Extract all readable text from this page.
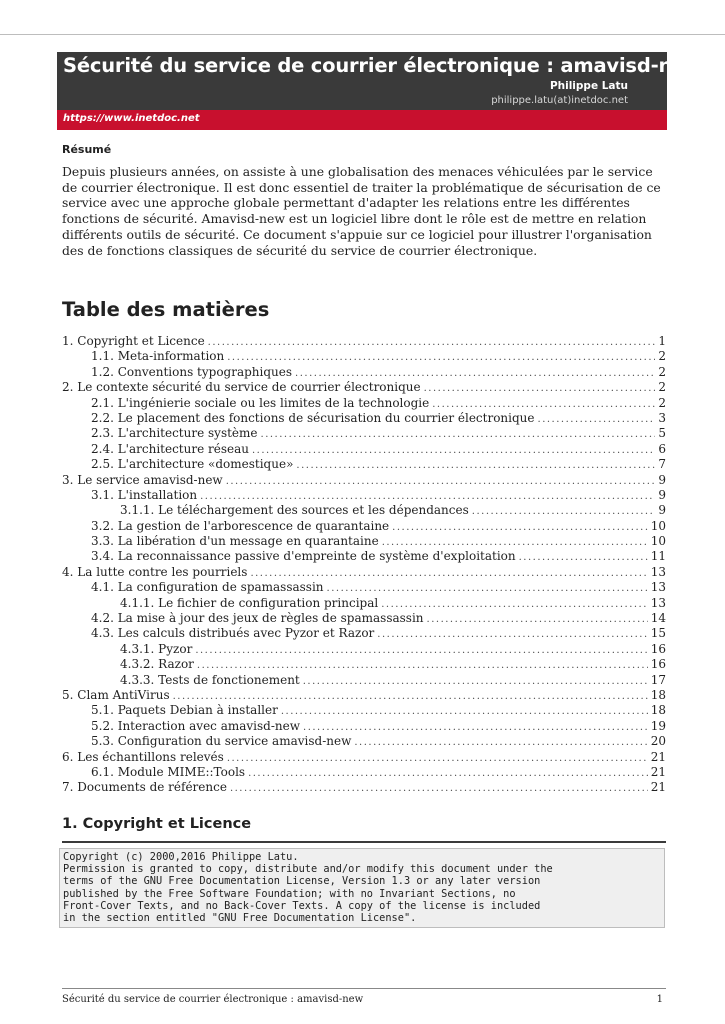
Sécurité du service de courrier électronique : amavisd-new
Philippe Latu
philippe.latu(at)inetdoc.net
https://www.inetdoc.net
Résumé

Depuis plusieurs années, on assiste à une globalisation des menaces véhiculées par le service de courrier électronique. Il est donc essentiel de traiter la problématique de sécurisation de ce service avec une approche globale permettant d'adapter les relations entre les différentes fonctions de sécurité. Amavisd-new est un logiciel libre dont le rôle est de mettre en relation différents outils de sécurité. Ce document s'appuie sur ce logiciel pour illustrer l'organisation des de fonctions classiques de sécurité du service de courrier électronique.

Table des matières
1. Copyright et Licence .....	1
1.1. Meta-information .....	2
1.2. Conventions typographiques .....	2
2. Le contexte sécurité du service de courrier électronique .....	2
2.1. L'ingénierie sociale ou les limites de la technologie .....	2
2.2. Le placement des fonctions de sécurisation du courrier électronique .....	3
2.3. L'architecture système .....	5
2.4. L'architecture réseau .....	6
2.5. L'architecture «domestique» .....	7
3. Le service amavisd-new .....	9
3.1. L'installation .....	9
3.1.1. Le téléchargement des sources et les dépendances .....	9
3.2. La gestion de l'arborescence de quarantaine .....	10
3.3. La libération d'un message en quarantaine .....	10
3.4. La reconnaissance passive d'empreinte de système d'exploitation .....	11
4. La lutte contre les pourriels .....	13
4.1. La configuration de spamassassin .....	13
4.1.1. Le fichier de configuration principal .....	13
4.2. La mise à jour des jeux de règles de spamassassin .....	14
4.3. Les calculs distribués avec Pyzor et Razor .....	15
4.3.1. Pyzor .....	16
4.3.2. Razor .....	16
4.3.3. Tests de fonctionement .....	17
5. Clam AntiVirus .....	18
5.1. Paquets Debian à installer .....	18
5.2. Interaction avec amavisd-new .....	19
5.3. Configuration du service amavisd-new .....	20
6. Les échantillons relevés .....	21
6.1. Module MIME::Tools .....	21
7. Documents de référence .....	21
1. Copyright et Licence
Copyright (c) 2000,2016 Philippe Latu.
Permission is granted to copy, distribute and/or modify this document under the
terms of the GNU Free Documentation License, Version 1.3 or any later version
published by the Free Software Foundation; with no Invariant Sections, no
Front-Cover Texts, and no Back-Cover Texts. A copy of the license is included
in the section entitled "GNU Free Documentation License".
Sécurité du service de courrier électronique : amavisd-new	1
